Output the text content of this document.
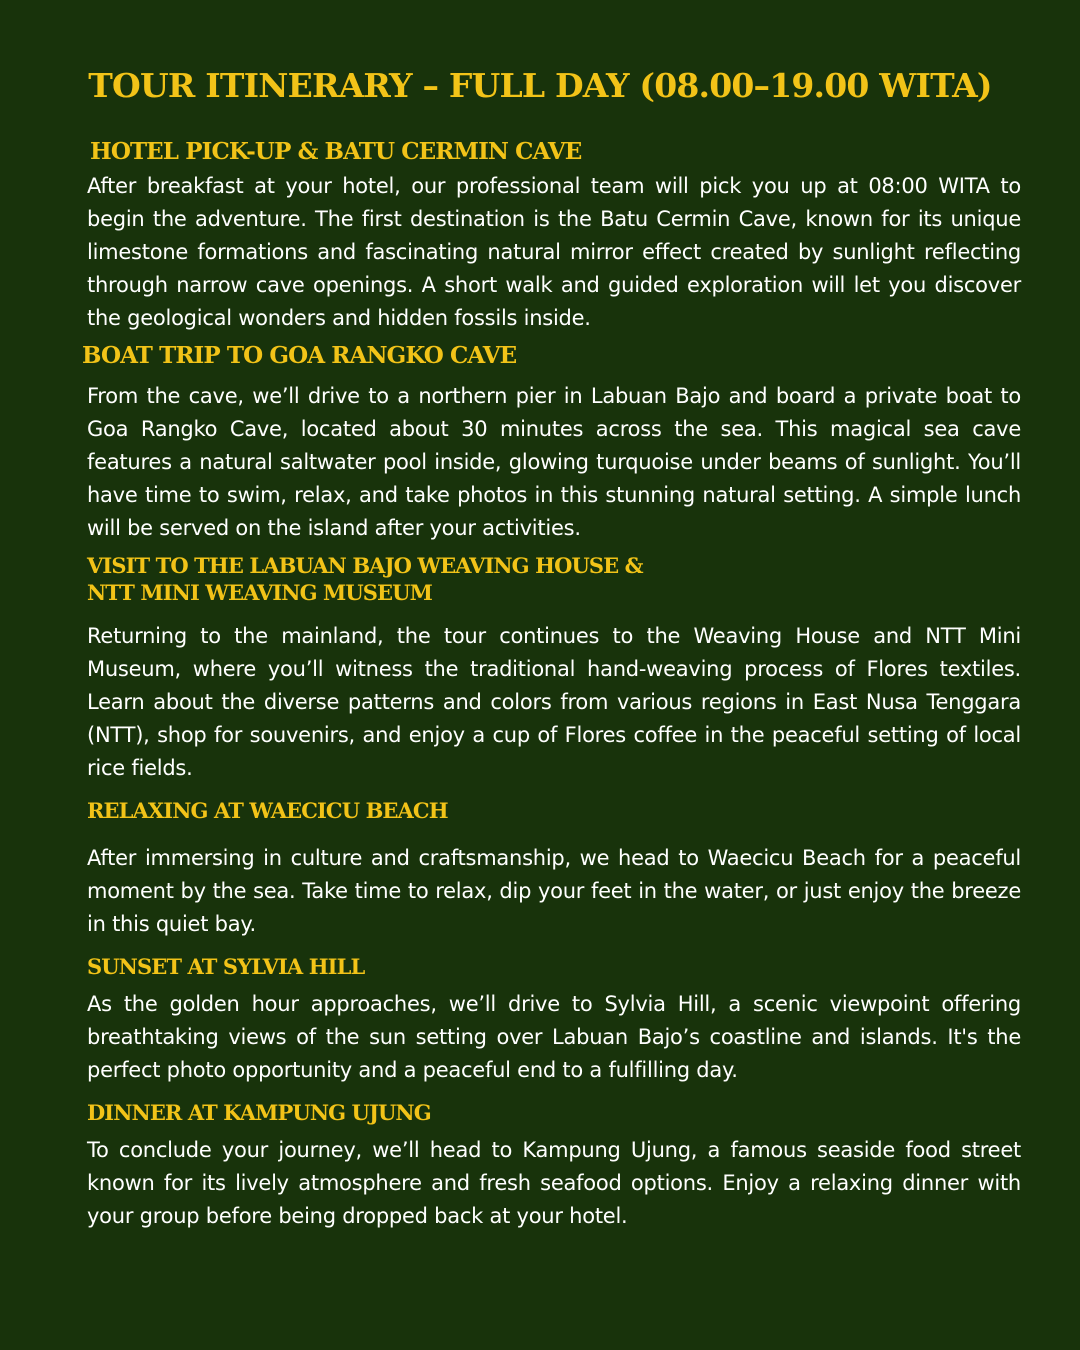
TOUR ITINERARY – FULL DAY (08.00–19.00 WITA)
HOTEL PICK-UP & BATU CERMIN CAVE

After breakfast at your hotel, our professional team will pick you up at 08:00 WITA to begin the adventure. The first destination is the Batu Cermin Cave, known for its unique limestone formations and fascinating natural mirror effect created by sunlight reflecting through narrow cave openings. A short walk and guided exploration will let you discover the geological wonders and hidden fossils inside.

BOAT TRIP TO GOA RANGKO CAVE

From the cave, we’ll drive to a northern pier in Labuan Bajo and board a private boat to Goa Rangko Cave, located about 30 minutes across the sea. This magical sea cave features a natural saltwater pool inside, glowing turquoise under beams of sunlight. You’ll have time to swim, relax, and take photos in this stunning natural setting. A simple lunch will be served on the island after your activities.

VISIT TO THE LABUAN BAJO WEAVING HOUSE &
NTT MINI WEAVING MUSEUM

Returning to the mainland, the tour continues to the Weaving House and NTT Mini Museum, where you’ll witness the traditional hand-weaving process of Flores textiles. Learn about the diverse patterns and colors from various regions in East Nusa Tenggara (NTT), shop for souvenirs, and enjoy a cup of Flores coffee in the peaceful setting of local rice fields.

RELAXING AT WAECICU BEACH

After immersing in culture and craftsmanship, we head to Waecicu Beach for a peaceful moment by the sea. Take time to relax, dip your feet in the water, or just enjoy the breeze in this quiet bay.

SUNSET AT SYLVIA HILL

As the golden hour approaches, we’ll drive to Sylvia Hill, a scenic viewpoint offering breathtaking views of the sun setting over Labuan Bajo’s coastline and islands. It's the perfect photo opportunity and a peaceful end to a fulfilling day.

DINNER AT KAMPUNG UJUNG

To conclude your journey, we’ll head to Kampung Ujung, a famous seaside food street known for its lively atmosphere and fresh seafood options. Enjoy a relaxing dinner with your group before being dropped back at your hotel.
